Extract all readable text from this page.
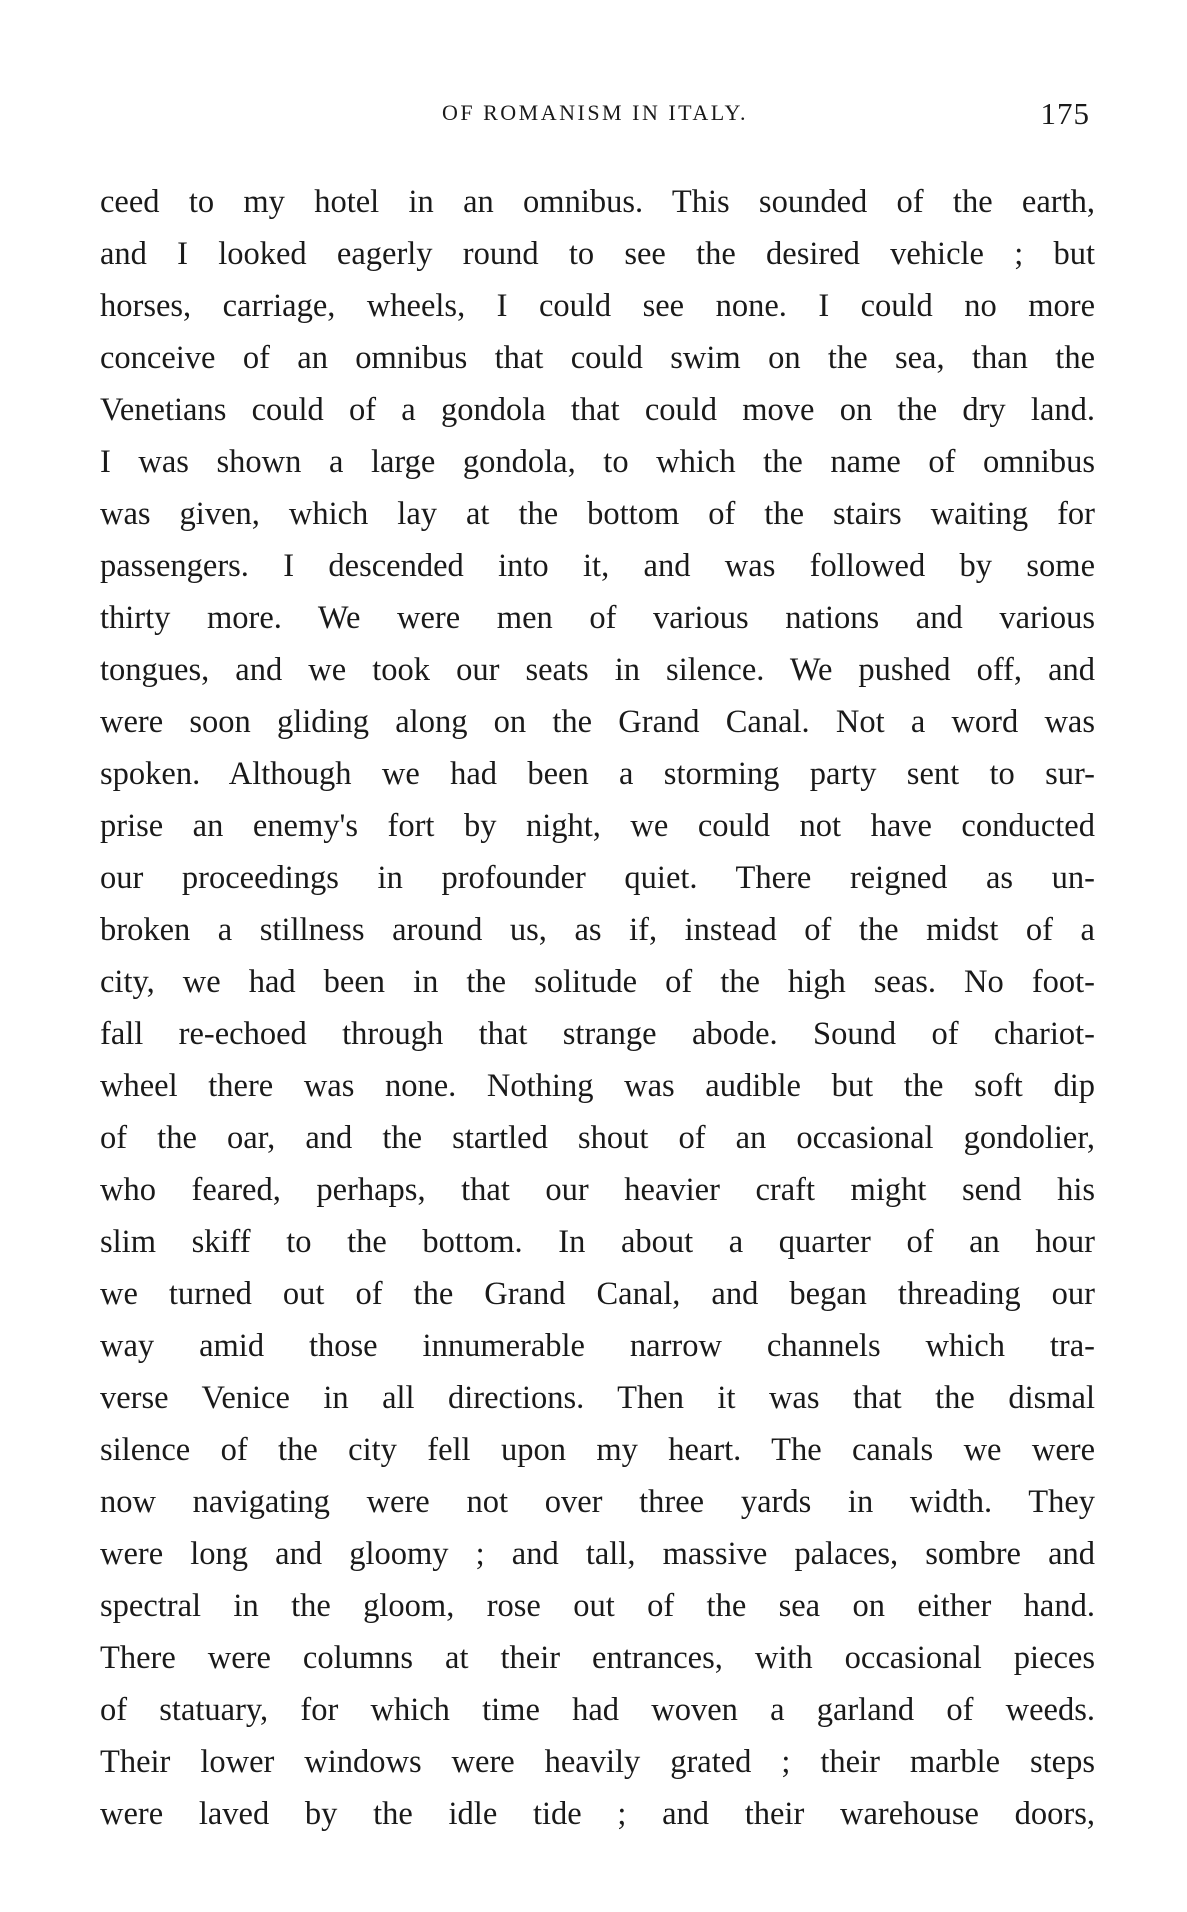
OF ROMANISM IN ITALY.	175
ceed to my hotel in an omnibus. This sounded of the earth,
and I looked eagerly round to see the desired vehicle ; but
horses, carriage, wheels, I could see none. I could no more
conceive of an omnibus that could swim on the sea, than the
Venetians could of a gondola that could move on the dry land.
I was shown a large gondola, to which the name of omnibus
was given, which lay at the bottom of the stairs waiting for
passengers. I descended into it, and was followed by some
thirty more. We were men of various nations and various
tongues, and we took our seats in silence. We pushed off, and
were soon gliding along on the Grand Canal. Not a word was
spoken. Although we had been a storming party sent to sur-
prise an enemy's fort by night, we could not have conducted
our proceedings in profounder quiet. There reigned as un-
broken a stillness around us, as if, instead of the midst of a
city, we had been in the solitude of the high seas. No foot-
fall re-echoed through that strange abode. Sound of chariot-
wheel there was none. Nothing was audible but the soft dip
of the oar, and the startled shout of an occasional gondolier,
who feared, perhaps, that our heavier craft might send his
slim skiff to the bottom. In about a quarter of an hour
we turned out of the Grand Canal, and began threading our
way amid those innumerable narrow channels which tra-
verse Venice in all directions. Then it was that the dismal
silence of the city fell upon my heart. The canals we were
now navigating were not over three yards in width. They
were long and gloomy ; and tall, massive palaces, sombre and
spectral in the gloom, rose out of the sea on either hand.
There were columns at their entrances, with occasional pieces
of statuary, for which time had woven a garland of weeds.
Their lower windows were heavily grated ; their marble steps
were laved by the idle tide ; and their warehouse doors,
